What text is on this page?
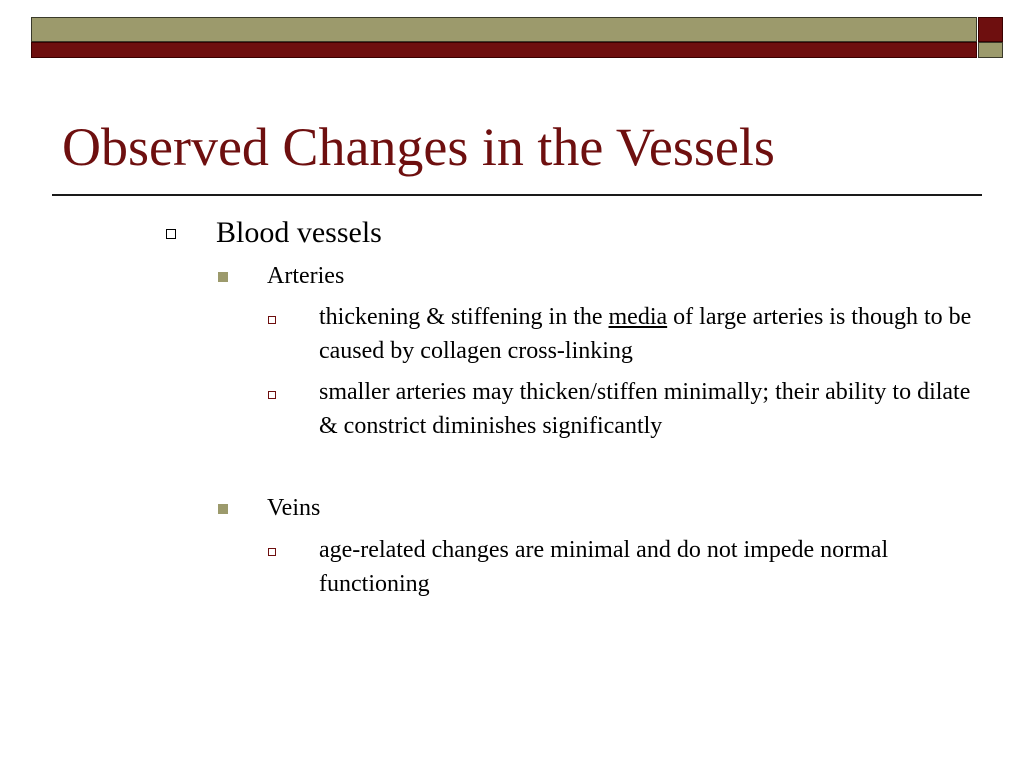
Observed Changes in the Vessels
Blood vessels
Arteries
thickening & stiffening in the media of large arteries is though to be caused by collagen cross-linking
smaller arteries may thicken/stiffen minimally; their ability to dilate & constrict diminishes significantly
Veins
age-related changes are minimal and do not impede normal functioning
